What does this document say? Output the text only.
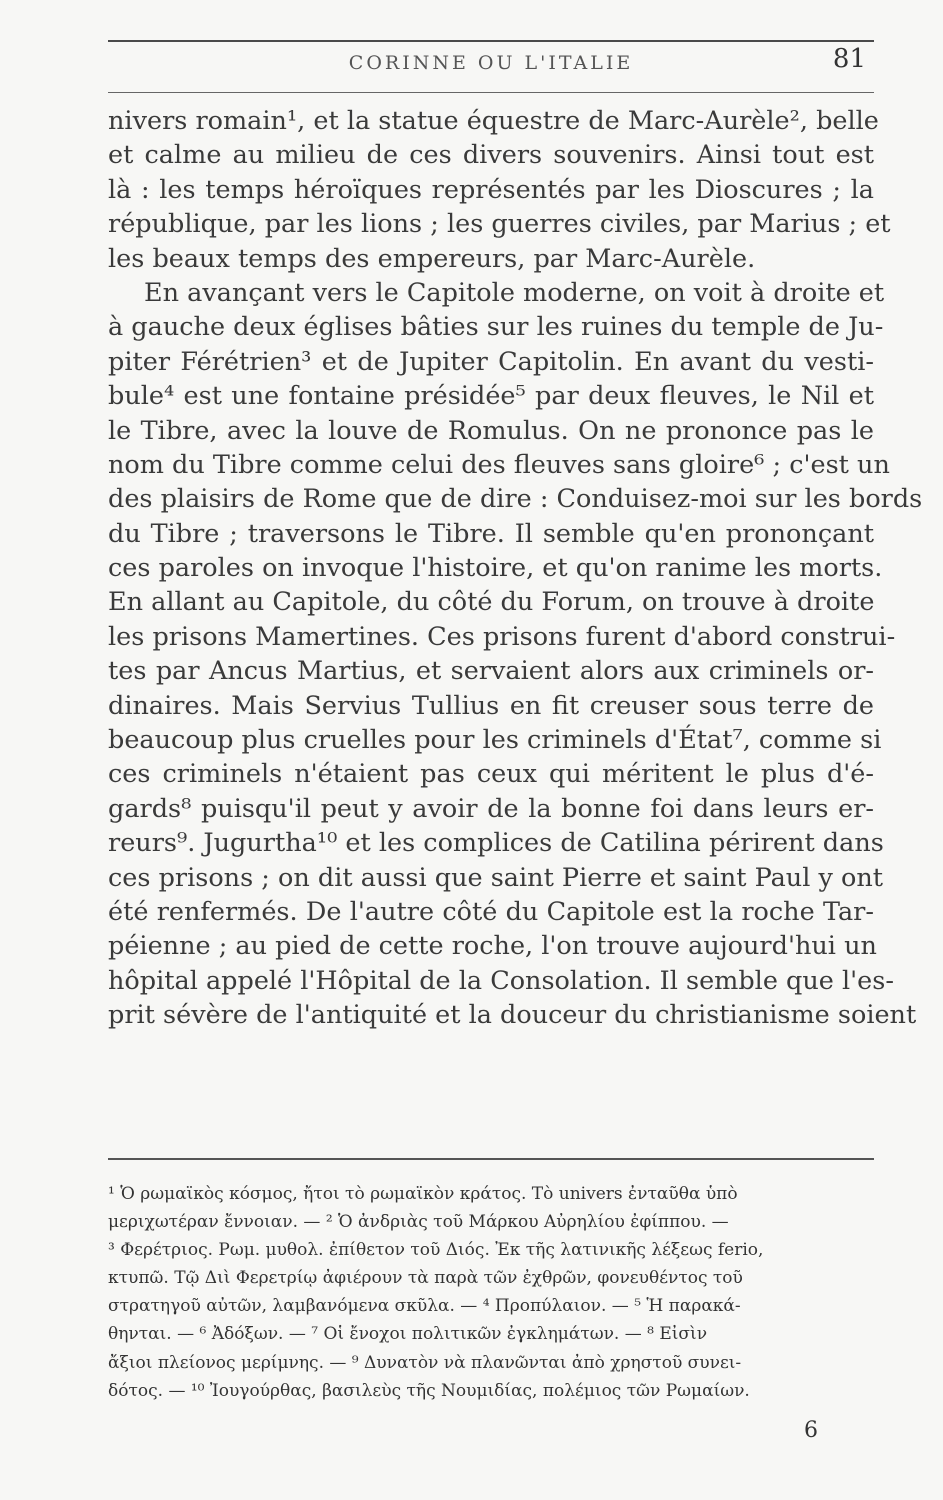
CORINNE OU L'ITALIE	81
nivers romain¹, et la statue équestre de Marc-Aurèle², belle
et calme au milieu de ces divers souvenirs. Ainsi tout est
là : les temps héroïques représentés par les Dioscures ; la
république, par les lions ; les guerres civiles, par Marius ; et
les beaux temps des empereurs, par Marc-Aurèle.
En avançant vers le Capitole moderne, on voit à droite et
à gauche deux églises bâties sur les ruines du temple de Ju-
piter Férétrien³ et de Jupiter Capitolin. En avant du vesti-
bule⁴ est une fontaine présidée⁵ par deux fleuves, le Nil et
le Tibre, avec la louve de Romulus. On ne prononce pas le
nom du Tibre comme celui des fleuves sans gloire⁶ ; c'est un
des plaisirs de Rome que de dire : Conduisez-moi sur les bords
du Tibre ; traversons le Tibre. Il semble qu'en prononçant
ces paroles on invoque l'histoire, et qu'on ranime les morts.
En allant au Capitole, du côté du Forum, on trouve à droite
les prisons Mamertines. Ces prisons furent d'abord construi-
tes par Ancus Martius, et servaient alors aux criminels or-
dinaires. Mais Servius Tullius en fit creuser sous terre de
beaucoup plus cruelles pour les criminels d'État⁷, comme si
ces criminels n'étaient pas ceux qui méritent le plus d'é-
gards⁸ puisqu'il peut y avoir de la bonne foi dans leurs er-
reurs⁹. Jugurtha¹⁰ et les complices de Catilina périrent dans
ces prisons ; on dit aussi que saint Pierre et saint Paul y ont
été renfermés. De l'autre côté du Capitole est la roche Tar-
péienne ; au pied de cette roche, l'on trouve aujourd'hui un
hôpital appelé l'Hôpital de la Consolation. Il semble que l'es-
prit sévère de l'antiquité et la douceur du christianisme soient
¹ Ὁ ρωμαϊκὸς κόσμος, ἤτοι τὸ ρωμαϊκὸν κράτος. Τὸ univers ἐνταῦθα ὑπὸ
μεριχωτέραν ἔννοιαν. — ² Ὁ ἀνδριὰς τοῦ Μάρκου Αὐρηλίου ἐφίππου. —
³ Φερέτριος. Ρωμ. μυθολ. ἐπίθετον τοῦ Διός. Ἐκ τῆς λατινικῆς λέξεως ferio,
κτυπῶ. Τῷ Διὶ Φερετρίῳ ἀφιέρουν τὰ παρὰ τῶν ἐχθρῶν, φονευθέντος τοῦ
στρατηγοῦ αὐτῶν, λαμβανόμενα σκῦλα. — ⁴ Προπύλαιον. — ⁵ Ἡ παρακά-
θηνται. — ⁶ Ἀδόξων. — ⁷ Οἱ ἔνοχοι πολιτικῶν ἐγκλημάτων. — ⁸ Εἰσὶν
ἄξιοι πλείονος μερίμνης. — ⁹ Δυνατὸν νὰ πλανῶνται ἀπὸ χρηστοῦ συνει-
δότος. — ¹⁰ Ἰουγούρθας, βασιλεὺς τῆς Νουμιδίας, πολέμιος τῶν Ρωμαίων.
6
